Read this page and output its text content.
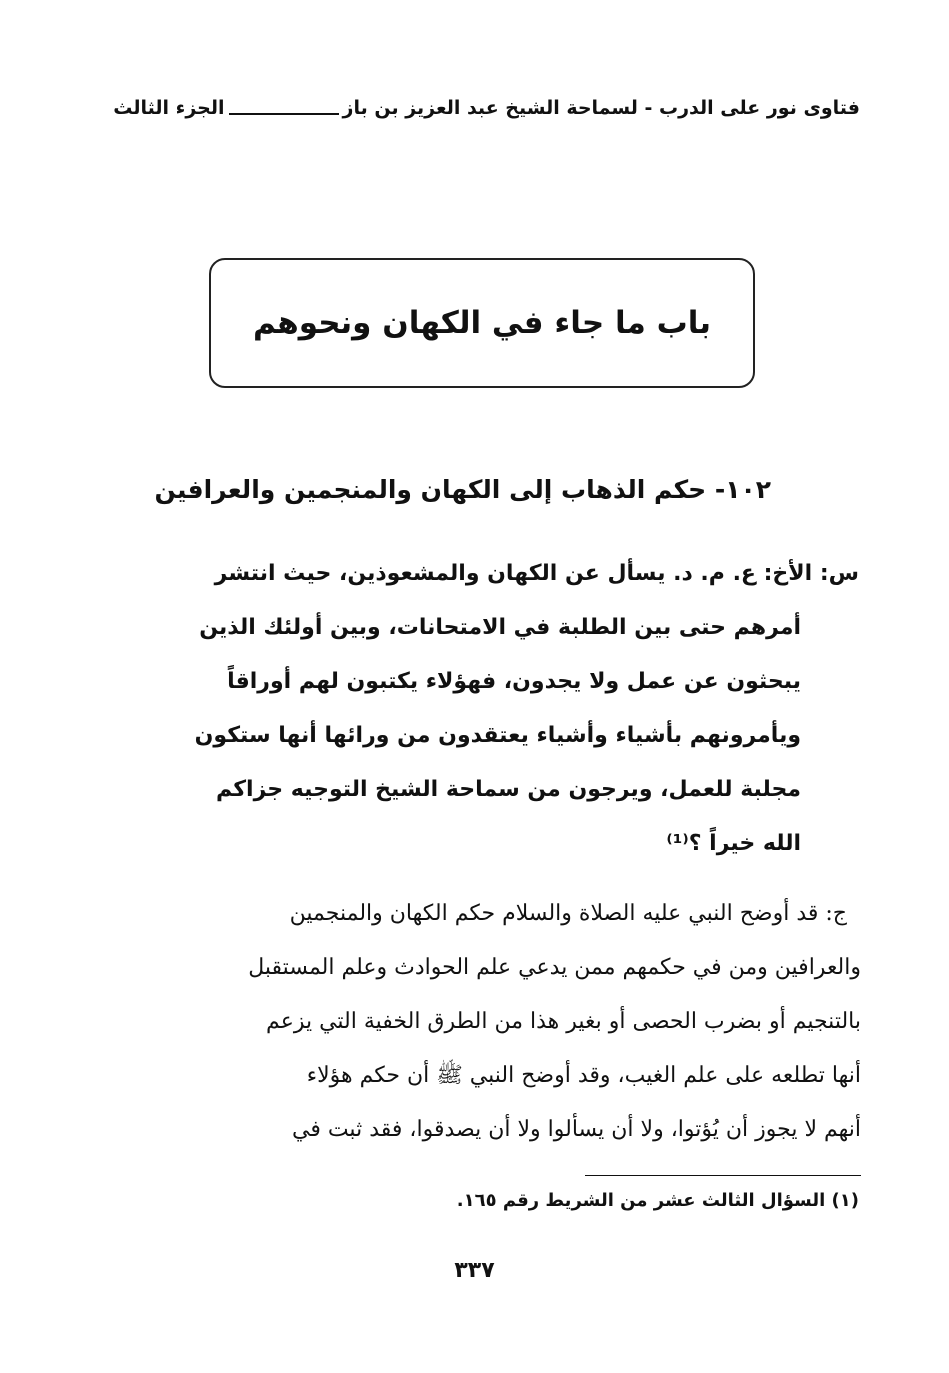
فتاوى نور على الدرب - لسماحة الشيخ عبد العزيز بن باز
الجزء الثالث
باب ما جاء في الكهان ونحوهم
١٠٢- حكم الذهاب إلى الكهان والمنجمين والعرافين
س: الأخ: ع. م. د. يسأل عن الكهان والمشعوذين، حيث انتشر
أمرهم حتى بين الطلبة في الامتحانات، وبين أولئك الذين
يبحثون عن عمل ولا يجدون، فهؤلاء يكتبون لهم أوراقاً
ويأمرونهم بأشياء وأشياء يعتقدون من ورائها أنها ستكون
مجلبة للعمل، ويرجون من سماحة الشيخ التوجيه جزاكم
الله خيراً ؟⁽¹⁾
ج: قد أوضح النبي عليه الصلاة والسلام حكم الكهان والمنجمين
والعرافين ومن في حكمهم ممن يدعي علم الحوادث وعلم المستقبل
بالتنجيم أو بضرب الحصى أو بغير هذا من الطرق الخفية التي يزعم
أنها تطلعه على علم الغيب، وقد أوضح النبي ﷺ أن حكم هؤلاء
أنهم لا يجوز أن يُؤتوا، ولا أن يسألوا ولا أن يصدقوا، فقد ثبت في
(١) السؤال الثالث عشر من الشريط رقم ١٦٥.
٣٣٧
